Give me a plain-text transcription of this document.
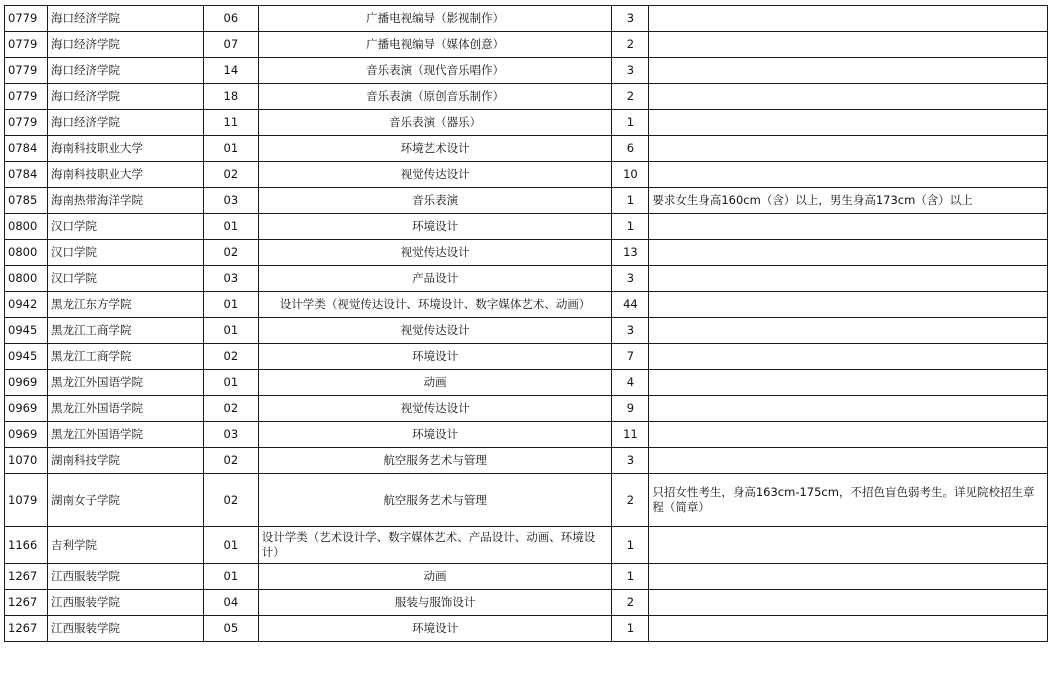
0779	海口经济学院	06	广播电视编导（影视制作）	3	
0779	海口经济学院	07	广播电视编导（媒体创意）	2	
0779	海口经济学院	14	音乐表演（现代音乐唱作）	3	
0779	海口经济学院	18	音乐表演（原创音乐制作）	2	
0779	海口经济学院	11	音乐表演（器乐）	1	
0784	海南科技职业大学	01	环境艺术设计	6	
0784	海南科技职业大学	02	视觉传达设计	10	
0785	海南热带海洋学院	03	音乐表演	1	要求女生身高160cm（含）以上，男生身高173cm（含）以上
0800	汉口学院	01	环境设计	1	
0800	汉口学院	02	视觉传达设计	13	
0800	汉口学院	03	产品设计	3	
0942	黑龙江东方学院	01	设计学类（视觉传达设计、环境设计、数字媒体艺术、动画）	44	
0945	黑龙江工商学院	01	视觉传达设计	3	
0945	黑龙江工商学院	02	环境设计	7	
0969	黑龙江外国语学院	01	动画	4	
0969	黑龙江外国语学院	02	视觉传达设计	9	
0969	黑龙江外国语学院	03	环境设计	11	
1070	湖南科技学院	02	航空服务艺术与管理	3	
1079	湖南女子学院	02	航空服务艺术与管理	2	只招女性考生，身高163cm-175cm，不招色盲色弱考生。详见院校招生章程（简章）
1166	吉利学院	01	设计学类（艺术设计学、数字媒体艺术、产品设计、动画、环境设计）	1	
1267	江西服装学院	01	动画	1	
1267	江西服装学院	04	服装与服饰设计	2	
1267	江西服装学院	05	环境设计	1	
